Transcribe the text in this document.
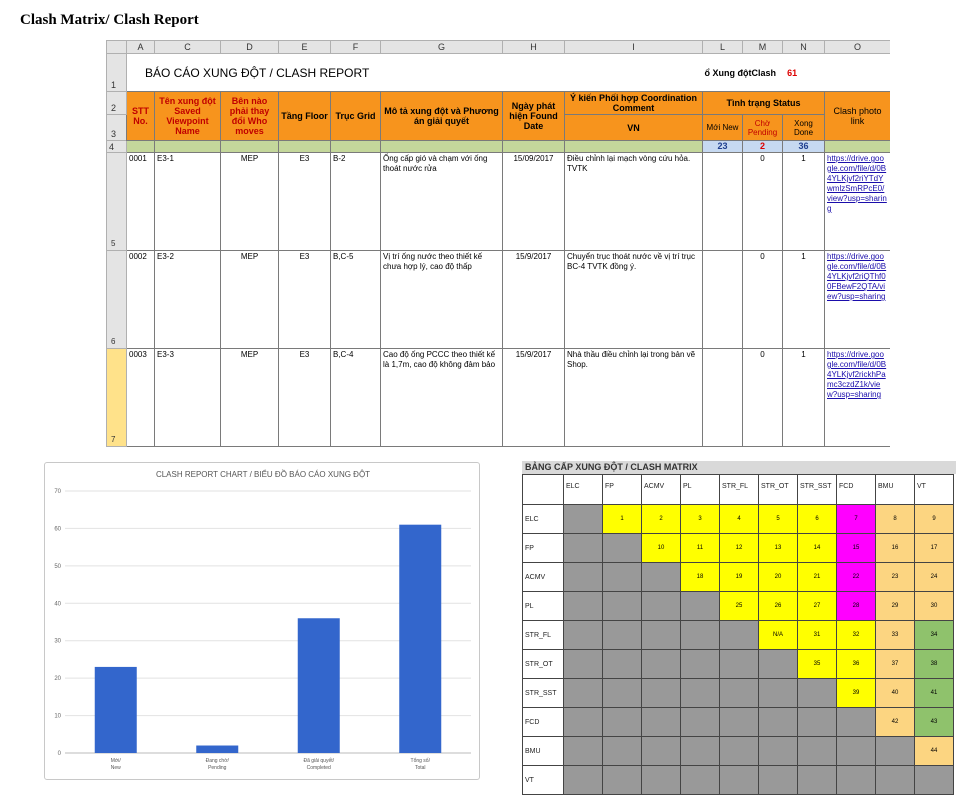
Clash Matrix/ Clash Report
	A	C	D	E	F	G	H	I	L	M	N	O
1	BÁO CÁO XUNG ĐỘT / CLASH REPORT								ổ Xung độtClash 61			
2	STT No.	Tên xung đột Saved Viewpoint Name	Bên nào phải thay đổi Who moves	Tầng Floor	Trục Grid	Mô tả xung đột và Phương án giải quyết	Ngày phát hiện Found Date	Ý kiến Phối hợp Coordination Comment	Tình trạng Status			Clash photo link
3								VN	Mới New	Chờ Pending	Xong Done	
4									23	2	36	
5	0001	E3-1	MEP	E3	B-2	Ống cấp gió và chạm với ống thoát nước rửa	15/09/2017	Điều chỉnh lại mạch vòng cứu hỏa. TVTK		0	1	https://drive.google.com/file/d/0B4YLKjvf2riYTdYwmlzSmRPcE0/view?usp=sharing
6	0002	E3-2	MEP	E3	B,C-5	Vị trí ống nước theo thiết kế chưa hợp lý, cao độ thấp	15/9/2017	Chuyển trục thoát nước về vị trí trục BC-4 TVTK đồng ý.		0	1	https://drive.google.com/file/d/0B4YLKjvf2riQThf00FBewF2QTA/view?usp=sharing
7	0003	E3-3	MEP	E3	B,C-4	Cao độ ống PCCC theo thiết kế là 1,7m, cao độ không đảm bảo	15/9/2017	Nhà thầu điều chỉnh lại trong bản vẽ Shop.		0	1	https://drive.google.com/file/d/0B4YLKjvf2rickhPamc3czdZ1k/view?usp=sharing
CLASH REPORT CHART / BIỂU ĐỒ BÁO CÁO XUNG ĐỘT
0
10
20
30
40
50
60
70
Mới/
New
Đang chờ/
Pending
Đã giải quyết/
Completed
Tổng số/
Total
BẢNG CẤP XUNG ĐỘT / CLASH MATRIX
	ELC	FP	ACMV	PL	STR_FL	STR_OT	STR_SST	FCD	BMU	VT
ELC		1	2	3	4	5	6	7	8	9
FP			10	11	12	13	14	15	16	17
ACMV				18	19	20	21	22	23	24
PL					25	26	27	28	29	30
STR_FL						N/A	31	32	33	34
STR_OT							35	36	37	38
STR_SST								39	40	41
FCD									42	43
BMU										44
VT										
